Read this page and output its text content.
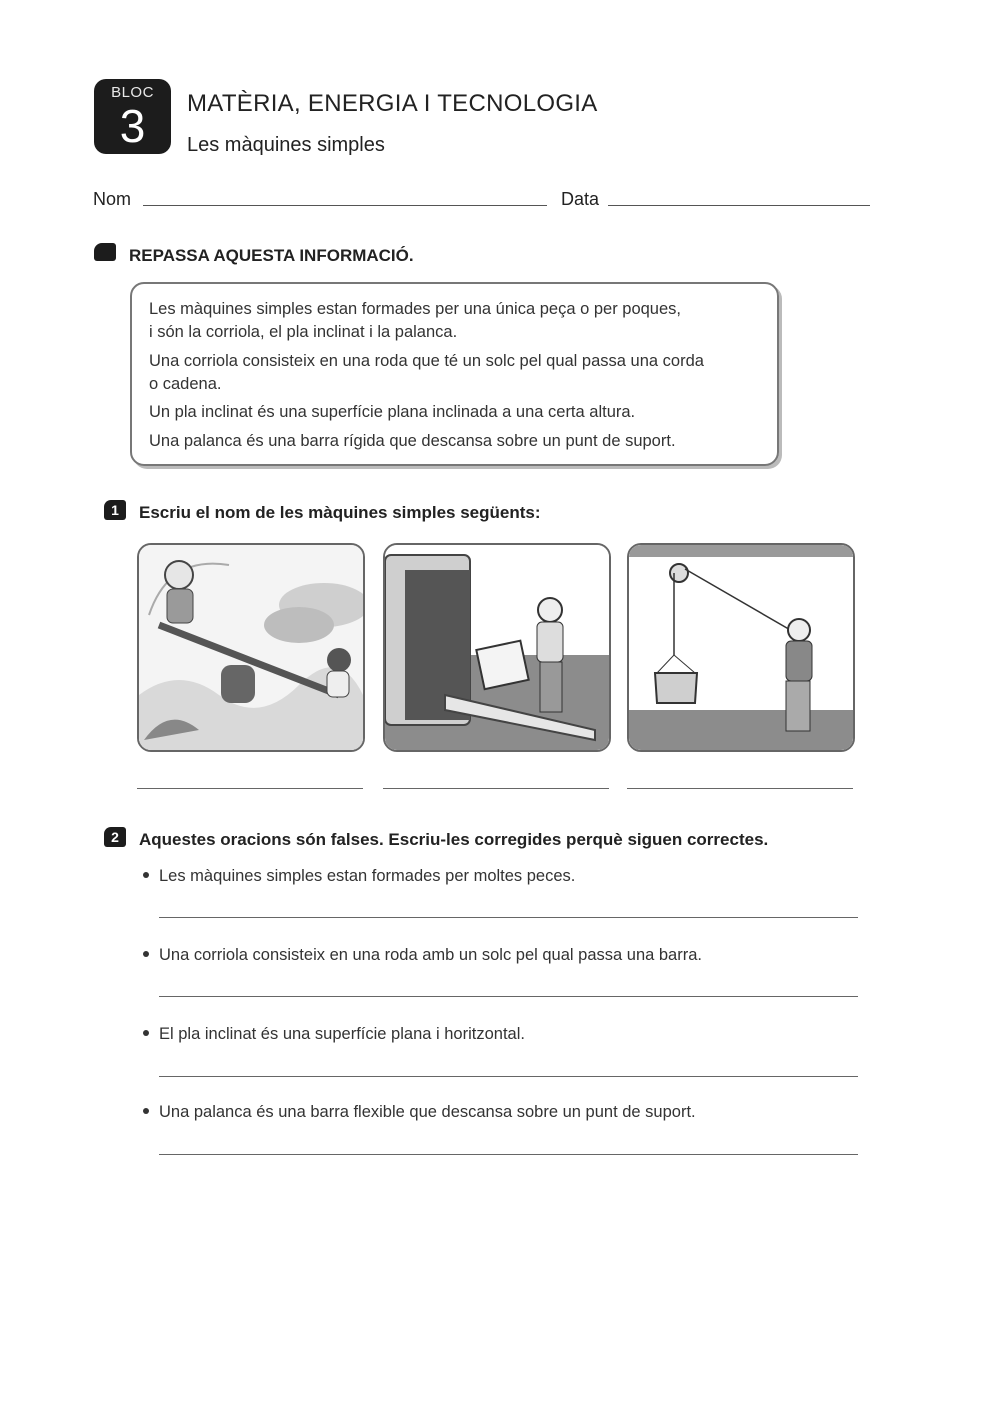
BLOC
3	MATÈRIA, ENERGIA I TECNOLOGIA
Les màquines simples
Nom	Data
REPASSA AQUESTA INFORMACIÓ.
Les màquines simples estan formades per una única peça o per poques,
i són la corriola, el pla inclinat i la palanca.
Una corriola consisteix en una roda que té un solc pel qual passa una corda
o cadena.
Un pla inclinat és una superfície plana inclinada a una certa altura.
Una palanca és una barra rígida que descansa sobre un punt de suport.
1	Escriu el nom de les màquines simples següents:
2	Aquestes oracions són falses. Escriu-les corregides perquè siguen correctes.
Les màquines simples estan formades per moltes peces.
Una corriola consisteix en una roda amb un solc pel qual passa una barra.
El pla inclinat és una superfície plana i horitzontal.
Una palanca és una barra flexible que descansa sobre un punt de suport.
